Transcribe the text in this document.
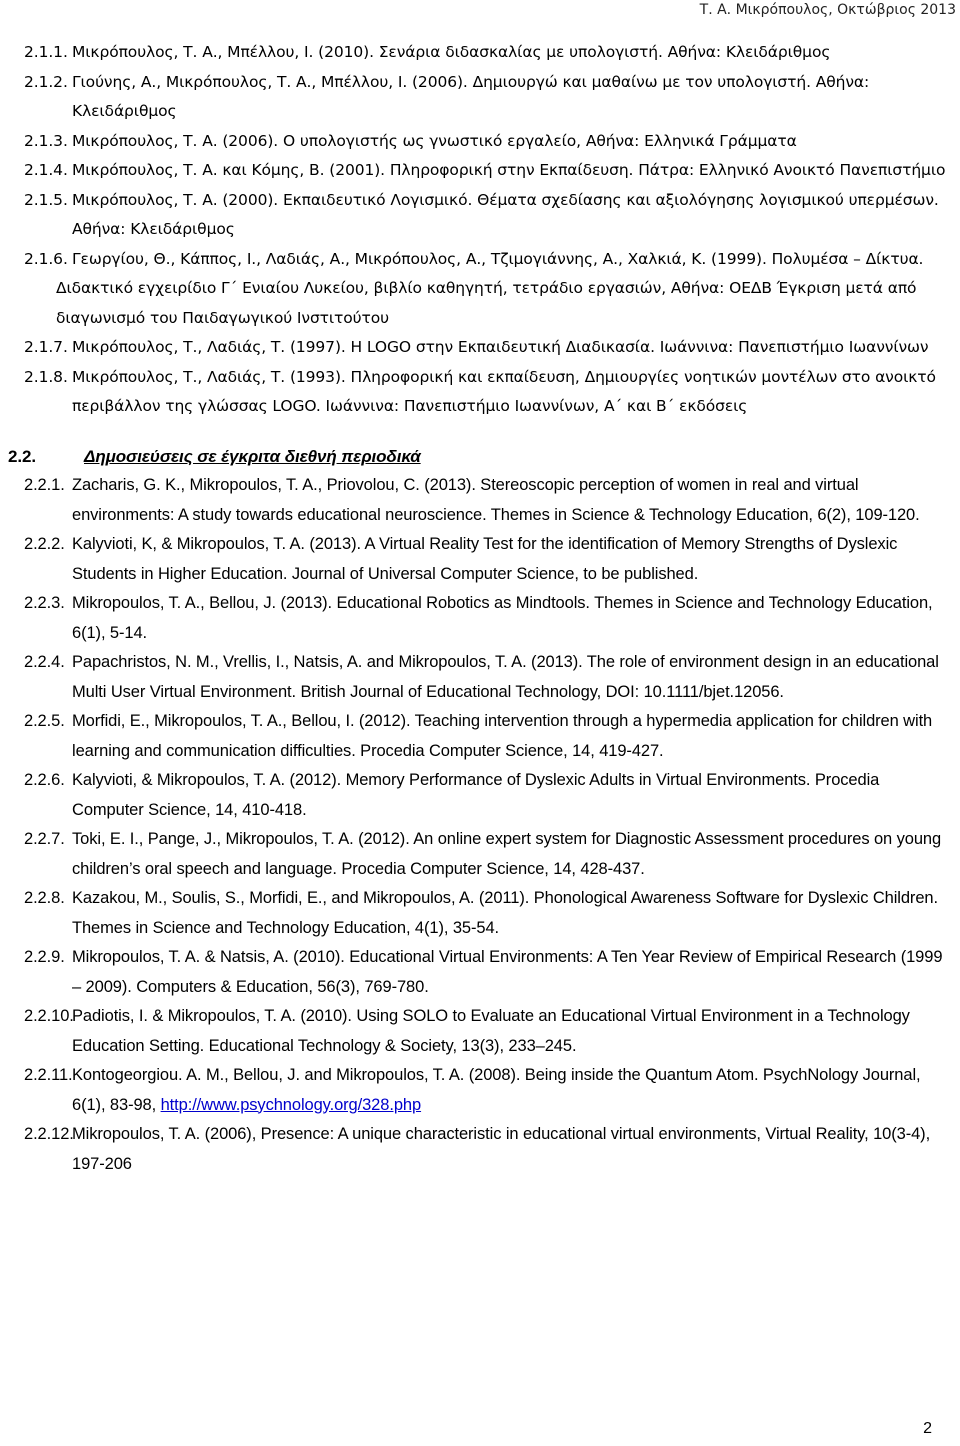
Τ. Α. Μικρόπουλος, Οκτώβριος 2013
2.1.1. Μικρόπουλος, Τ. Α., Μπέλλου, Ι. (2010). Σενάρια διδασκαλίας με υπολογιστή. Αθήνα: Κλειδάριθμος
2.1.2. Γιούνης, Α., Μικρόπουλος, Τ. Α., Μπέλλου, Ι. (2006). Δημιουργώ και μαθαίνω με τον υπολογιστή. Αθήνα: Κλειδάριθμος
2.1.3. Μικρόπουλος, Τ. Α. (2006). Ο υπολογιστής ως γνωστικό εργαλείο, Αθήνα: Ελληνικά Γράμματα
2.1.4. Μικρόπουλος, Τ. Α. και Κόμης, Β. (2001). Πληροφορική στην Εκπαίδευση. Πάτρα: Ελληνικό Ανοικτό Πανεπιστήμιο
2.1.5. Μικρόπουλος, Τ. Α. (2000). Εκπαιδευτικό Λογισμικό. Θέματα σχεδίασης και αξιολόγησης λογισμικού υπερμέσων. Αθήνα: Κλειδάριθμος
2.1.6. Γεωργίου, Θ., Κάππος, Ι., Λαδιάς, Α., Μικρόπουλος, Α., Τζιμογιάννης, Α., Χαλκιά, Κ. (1999). Πολυμέσα – Δίκτυα.
Διδακτικό εγχειρίδιο Γ΄ Ενιαίου Λυκείου, βιβλίο καθηγητή, τετράδιο εργασιών, Αθήνα: ΟΕΔΒ Έγκριση μετά από διαγωνισμό του Παιδαγωγικού Ινστιτούτου
2.1.7. Μικρόπουλος, Τ., Λαδιάς, Τ. (1997). Η LOGO στην Εκπαιδευτική Διαδικασία. Ιωάννινα: Πανεπιστήμιο Ιωαννίνων
2.1.8. Μικρόπουλος, Τ., Λαδιάς, Τ. (1993). Πληροφορική και εκπαίδευση, Δημιουργίες νοητικών μοντέλων στο ανοικτό περιβάλλον της γλώσσας LOGO. Ιωάννινα: Πανεπιστήμιο Ιωαννίνων, Α΄ και Β΄ εκδόσεις
2.2.	Δημοσιεύσεις σε έγκριτα διεθνή περιοδικά
2.2.1. Zacharis, G. K., Mikropoulos, T. A., Priovolou, C. (2013). Stereoscopic perception of women in real and virtual environments: A study towards educational neuroscience. Themes in Science & Technology Education, 6(2), 109-120.
2.2.2. Kalyvioti, K, & Mikropoulos, T. A. (2013). A Virtual Reality Test for the identification of Memory Strengths of Dyslexic Students in Higher Education. Journal of Universal Computer Science, to be published.
2.2.3. Mikropoulos, T. A., Bellou, J. (2013). Educational Robotics as Mindtools. Themes in Science and Technology Education, 6(1), 5-14.
2.2.4. Papachristos, N. M., Vrellis, I., Natsis, A. and Mikropoulos, T. A. (2013). The role of environment design in an educational Multi User Virtual Environment. British Journal of Educational Technology, DOI: 10.1111/bjet.12056.
2.2.5. Morfidi, E., Mikropoulos, T. A., Bellou, I. (2012). Teaching intervention through a hypermedia application for children with learning and communication difficulties. Procedia Computer Science, 14, 419-427.
2.2.6. Kalyvioti, & Mikropoulos, T. A. (2012). Memory Performance of Dyslexic Adults in Virtual Environments. Procedia Computer Science, 14, 410-418.
2.2.7. Toki, E. I., Pange, J., Mikropoulos, T. A. (2012). An online expert system for Diagnostic Assessment procedures on young children’s oral speech and language. Procedia Computer Science, 14, 428-437.
2.2.8. Kazakou, M., Soulis, S., Morfidi, E., and Mikropoulos, A. (2011). Phonological Awareness Software for Dyslexic Children. Themes in Science and Technology Education, 4(1), 35-54.
2.2.9. Mikropoulos, T. A. & Natsis, A. (2010). Educational Virtual Environments: A Ten Year Review of Empirical Research (1999 – 2009). Computers & Education, 56(3), 769-780.
2.2.10.
Padiotis, I. & Mikropoulos, T. A. (2010). Using SOLO to Evaluate an Educational Virtual Environment in a Technology Education Setting. Educational Technology & Society, 13(3), 233–245.
2.2.11. Kontogeorgiou. A. M., Bellou, J. and Mikropoulos, T. A. (2008). Being inside the Quantum Atom. PsychNology Journal, 6(1), 83-98, http://www.psychnology.org/328.php
2.2.12.
Mikropoulos, T. A. (2006), Presence: A unique characteristic in educational virtual environments, Virtual Reality, 10(3-4), 197-206
2
